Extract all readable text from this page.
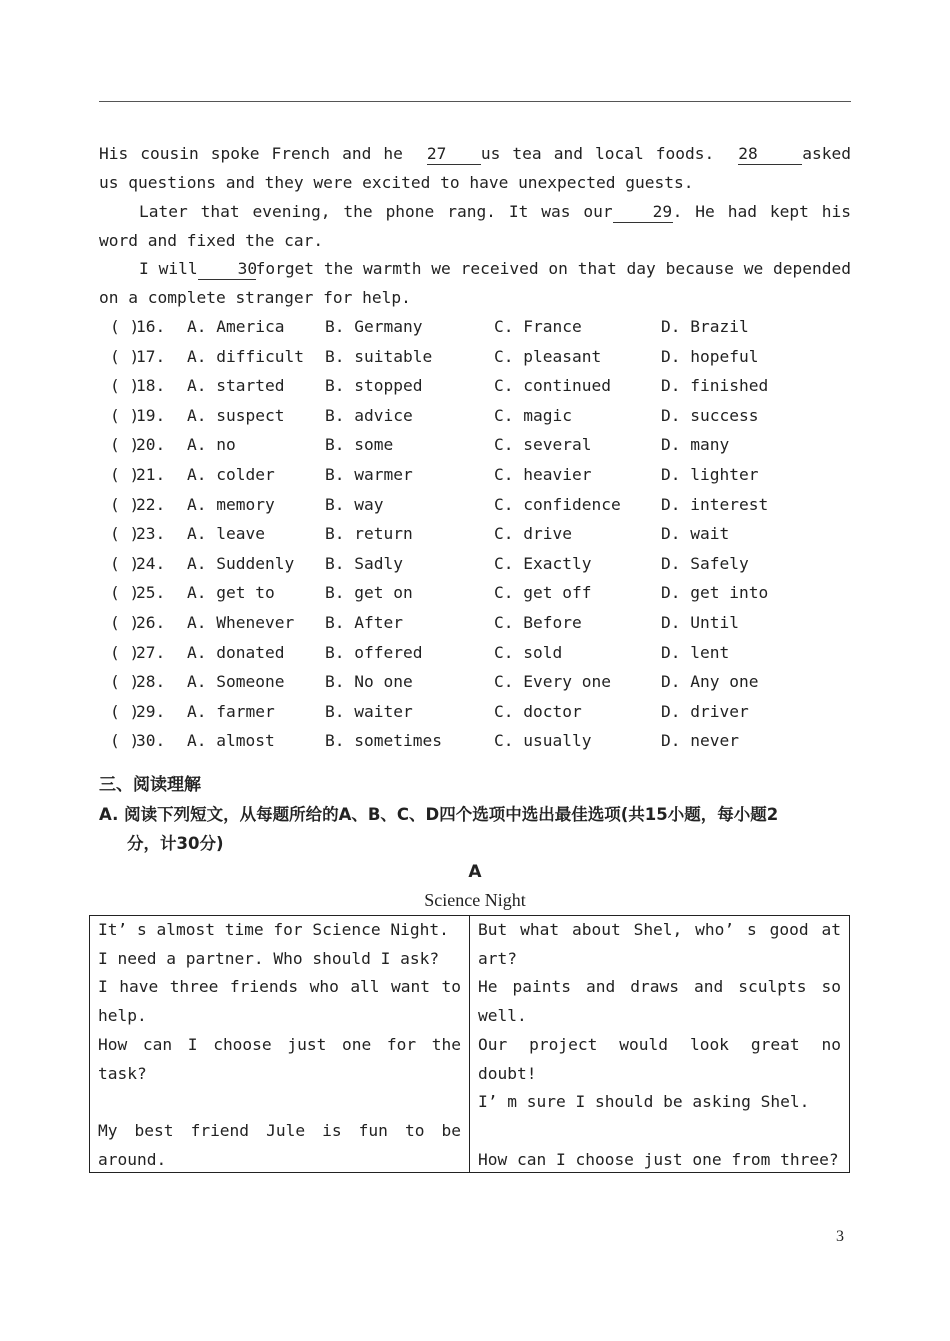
His cousin spoke French and he 27 us tea and local foods. 28	asked us questions and they were excited to have unexpected guests.
Later that evening, the phone rang. It was our 29. He had kept his word and fixed the car.
I will 30forget the warmth we received on that day because we depended on a complete stranger for help.
( )
16. A. America	B. Germany	C. France	D. Brazil
( )
17. A. difficult B. suitable	C. pleasant	D. hopeful
( )
18. A. started	B. stopped	C. continued	D. finished
( )
19. A. suspect	B. advice	C. magic	D. success
( )
20. A. no	B. some	C. several	D. many
( )
21. A. colder	B. warmer	C. heavier	D. lighter
( )
22. A. memory	B. way	C. confidence D. interest
( )
23. A. leave	B. return	C. drive	D. wait
( )
24. A. Suddenly B. Sadly	C. Exactly	D. Safely
( )
25. A. get to	B. get on	C. get off	D. get into
( )
26. A. Whenever B. After	C. Before	D. Until
( )
27. A. donated	B. offered	C. sold	D. lent
( )
28. A. Someone	B. No one	C. Every one	D. Any one
( )
29. A. farmer	B. waiter	C. doctor	D. driver
( )
30. A. almost	B. sometimes	C. usually	D. never
三、阅读理解
A. 阅读下列短文，从每题所给的A、B、C、D四个选项中选出最佳选项(共15小题，每小题2
分，计30分)
A
Science Night

It’ s almost time for Science Night.

I need a partner. Who should I ask?

I have three friends who all want to help.

How can I choose just one for the task?

My best friend Jule is fun to be around.

But what about Shel, who’ s good at art?

He paints and draws and sculpts so well.

Our project would look great no doubt!

I’ m sure I should be asking Shel.

How can I choose just one from three?

3
